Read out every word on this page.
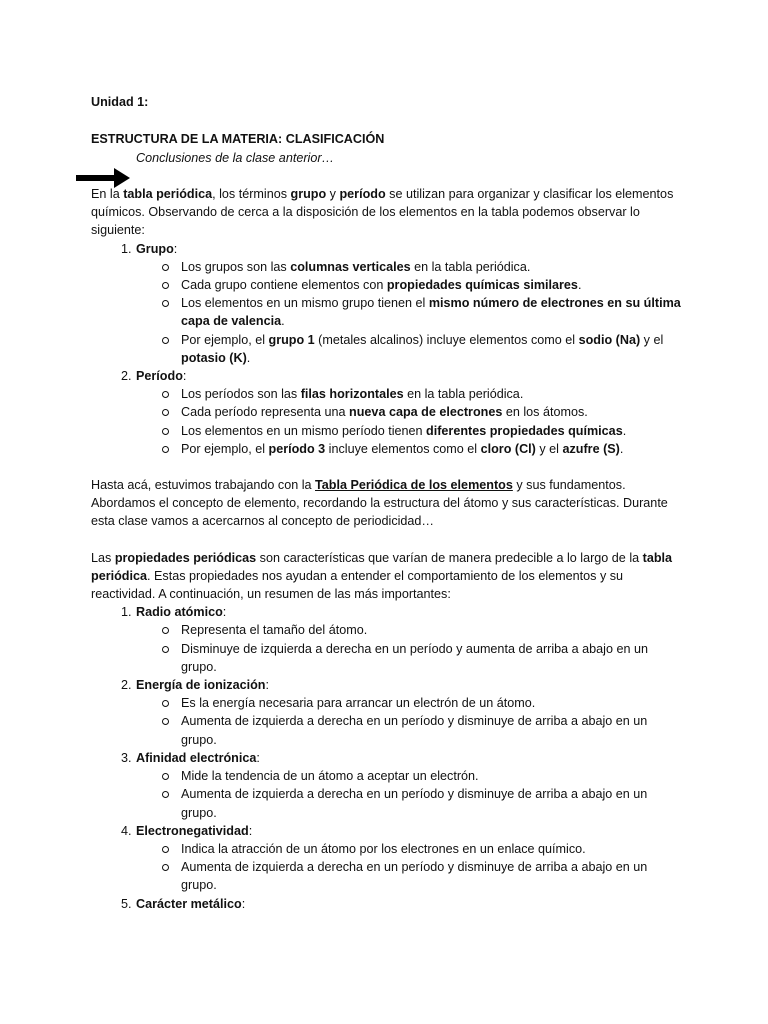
Unidad 1:
ESTRUCTURA DE LA MATERIA: CLASIFICACIÓN
Conclusiones de la clase anterior…

En la tabla periódica, los términos grupo y período se utilizan para organizar y clasificar los elementos químicos. Observando de cerca a la disposición de los elementos en la tabla podemos observar lo siguiente:

1. Grupo:
Los grupos son las columnas verticales en la tabla periódica.
Cada grupo contiene elementos con propiedades químicas similares.
Los elementos en un mismo grupo tienen el mismo número de electrones en su última capa de valencia.
Por ejemplo, el grupo 1 (metales alcalinos) incluye elementos como el sodio (Na) y el potasio (K).
2. Período:
Los períodos son las filas horizontales en la tabla periódica.
Cada período representa una nueva capa de electrones en los átomos.
Los elementos en un mismo período tienen diferentes propiedades químicas.
Por ejemplo, el período 3 incluye elementos como el cloro (Cl) y el azufre (S).

Hasta acá, estuvimos trabajando con la Tabla Periódica de los elementos y sus fundamentos. Abordamos el concepto de elemento, recordando la estructura del átomo y sus características. Durante esta clase vamos a acercarnos al concepto de periodicidad…

Las propiedades periódicas son características que varían de manera predecible a lo largo de la tabla periódica. Estas propiedades nos ayudan a entender el comportamiento de los elementos y su reactividad. A continuación, un resumen de las más importantes:

1. Radio atómico:
Representa el tamaño del átomo.
Disminuye de izquierda a derecha en un período y aumenta de arriba a abajo en un grupo.
2. Energía de ionización:
Es la energía necesaria para arrancar un electrón de un átomo.
Aumenta de izquierda a derecha en un período y disminuye de arriba a abajo en un grupo.
3. Afinidad electrónica:
Mide la tendencia de un átomo a aceptar un electrón.
Aumenta de izquierda a derecha en un período y disminuye de arriba a abajo en un grupo.
4. Electronegatividad:
Indica la atracción de un átomo por los electrones en un enlace químico.
Aumenta de izquierda a derecha en un período y disminuye de arriba a abajo en un grupo.
5. Carácter metálico:
